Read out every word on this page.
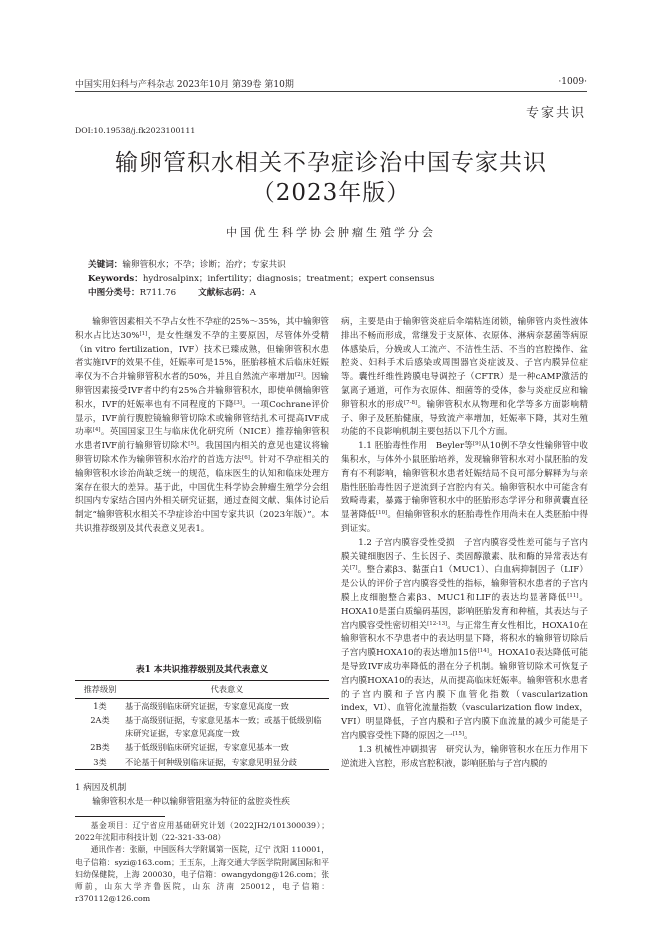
中国实用妇科与产科杂志 2023年10月 第39卷 第10期	·1009·
专家共识
DOI:10.19538/j.fk2023100111
输卵管积水相关不孕症诊治中国专家共识
（2023年版）
中国优生科学协会肿瘤生殖学分会
关键词：输卵管积水；不孕；诊断；治疗；专家共识
Keywords：hydrosalpinx；infertility；diagnosis；treatment；expert consensus
中图分类号：R711.76	文献标志码：A

输卵管因素相关不孕占女性不孕症的25%～35%，其中输卵管积水占比达30%[1]，是女性继发不孕的主要原因，尽管体外受精（in vitro fertilization，IVF）技术已臻成熟，但输卵管积水患者实施IVF的效果不佳，妊娠率可是15%，胚胎移植术后临床妊娠率仅为不合并输卵管积水者的50%，并且自然流产率增加[2]。因输卵管因素接受IVF者中约有25%合并输卵管积水，即使单侧输卵管积水，IVF的妊娠率也有不同程度的下降[3]。一项Cochrane评价显示，IVF前行腹腔镜输卵管切除术或输卵管结扎术可提高IVF成功率[4]。英国国家卫生与临床优化研究所（NICE）推荐输卵管积水患者IVF前行输卵管切除术[5]。我国国内相关的意见也建议将输卵管切除术作为输卵管积水治疗的首选方法[6]。针对不孕症相关的输卵管积水诊治尚缺乏统一的规范，临床医生的认知和临床处理方案存在很大的差异。基于此，中国优生科学协会肿瘤生殖学分会组织国内专家结合国内外相关研究证据，通过查阅文献、集体讨论后制定“输卵管积水相关不孕症诊治中国专家共识（2023年版）”。本共识推荐级别及其代表意义见表1。

表1 本共识推荐级别及其代表意义
推荐级别	代表意义
1类	基于高级别临床研究证据，专家意见高度一致
2A类	基于高级别证据，专家意见基本一致；或基于低级别临床研究证据，专家意见高度一致
2B类	基于低级别临床研究证据，专家意见基本一致
3类	不论基于何种级别临床证据，专家意见明显分歧

1 病因及机制

输卵管积水是一种以输卵管阻塞为特征的盆腔炎性疾

基金项目：辽宁省应用基础研究计划（2022JH2/101300039）；2022年沈阳市科技计划（22-321-33-08）

通讯作者：张颐，中国医科大学附属第一医院，辽宁 沈阳 110001，电子信箱：syzi@163.com；王玉东，上海交通大学医学院附属国际和平妇幼保健院，上海 200030，电子信箱：owangydong@126.com；张师前，山东大学齐鲁医院，山东 济南 250012，电子信箱：r370112@126.com

病，主要是由于输卵管炎症后伞端粘连闭锁，输卵管内炎性液体排出不畅而形成，常继发于支原体、衣原体、淋病奈瑟菌等病原体感染后，分娩或人工流产、不洁性生活、不当的宫腔操作、盆腔炎、妇科手术后感染或周围器官炎症波及、子宫内膜异位症等。囊性纤维性跨膜电导调控子（CFTR）是一种cAMP激活的氯离子通道，可作为衣原体、细菌等的受体，参与炎症反应和输卵管积水的形成[7-8]。输卵管积水从物理和化学等多方面影响精子、卵子及胚胎健康，导致流产率增加，妊娠率下降，其对生殖功能的不良影响机制主要包括以下几个方面。

1.1 胚胎毒性作用　 Beyler等[9]从10例不孕女性输卵管中收集积水，与体外小鼠胚胎培养，发现输卵管积水对小鼠胚胎的发育有不利影响，输卵管积水患者妊娠结局不良可部分解释为与亲脂性胚胎毒性因子逆流到子宫腔内有关。输卵管积水中可能含有致畸毒素，暴露于输卵管积水中的胚胎形态学评分和卵黄囊直径显著降低[10]。但输卵管积水的胚胎毒性作用尚未在人类胚胎中得到证实。

1.2 子宫内膜容受性受损　 子宫内膜容受性差可能与子宫内膜关键细胞因子、生长因子、类固醇激素、肽和酶的异常表达有关[7]。整合素β3、黏蛋白1（MUC1）、白血病抑制因子（LIF）是公认的评价子宫内膜容受性的指标，输卵管积水患者的子宫内膜上皮细胞整合素β3、MUC1和LIF的表达均显著降低[11]。HOXA10是蛋白质编码基因，影响胚胎发育和种植，其表达与子宫内膜容受性密切相关[12-13]。与正常生育女性相比，HOXA10在输卵管积水不孕患者中的表达明显下降，将积水的输卵管切除后子宫内膜HOXA10的表达增加15倍[14]。HOXA10表达降低可能是导致IVF成功率降低的潜在分子机制。输卵管切除术可恢复子宫内膜HOXA10的表达，从而提高临床妊娠率。输卵管积水患者的子宫内膜和子宫内膜下血管化指数（vascularization index，VI）、血管化流量指数（vascularization flow index，VFI）明显降低，子宫内膜和子宫内膜下血流量的减少可能是子宫内膜容受性下降的原因之一[15]。

1.3 机械性冲刷损害　 研究认为，输卵管积水在压力作用下逆流进入宫腔，形成宫腔积液，影响胚胎与子宫内膜的
